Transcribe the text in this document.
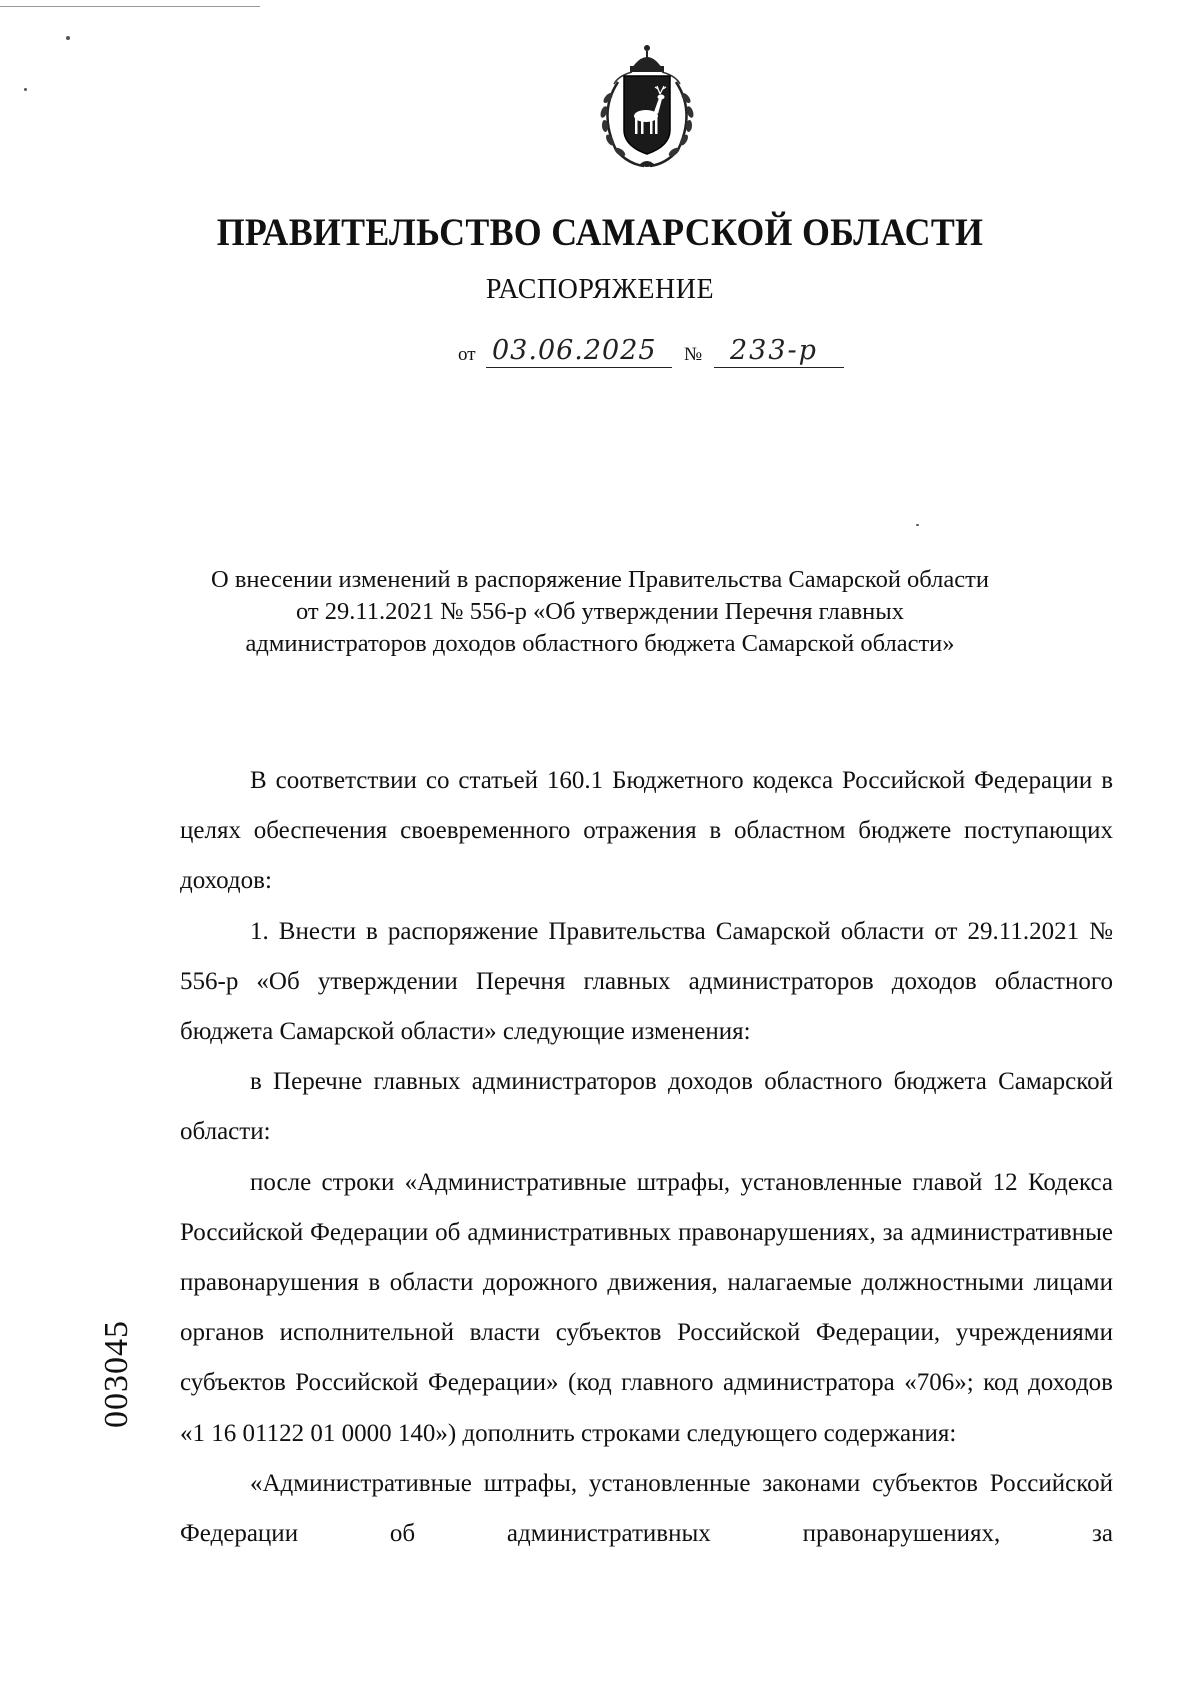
ПРАВИТЕЛЬСТВО САМАРСКОЙ ОБЛАСТИ
РАСПОРЯЖЕНИЕ
от 03.06.2025 № 233-р
О внесении изменений в распоряжение Правительства Самарской области
от 29.11.2021 № 556-р «Об утверждении Перечня главных
администраторов доходов областного бюджета Самарской области»

В соответствии со статьей 160.1 Бюджетного кодекса Российской Федерации в целях обеспечения своевременного отражения в областном бюджете поступающих доходов:

1. Внести в распоряжение Правительства Самарской области от 29.11.2021 № 556-р «Об утверждении Перечня главных администраторов доходов областного бюджета Самарской области» следующие изменения:

в Перечне главных администраторов доходов областного бюджета Самарской области:

после строки «Административные штрафы, установленные главой 12 Кодекса Российской Федерации об административных правонарушениях, за административные правонарушения в области дорожного движения, налагаемые должностными лицами органов исполнительной власти субъектов Российской Федерации, учреждениями субъектов Российской Федерации» (код главного администратора «706»; код доходов «1 16 01122 01 0000 140») дополнить строками следующего содержания:

«Административные штрафы, установленные законами субъектов Российской Федерации об административных правонарушениях, за

003045
